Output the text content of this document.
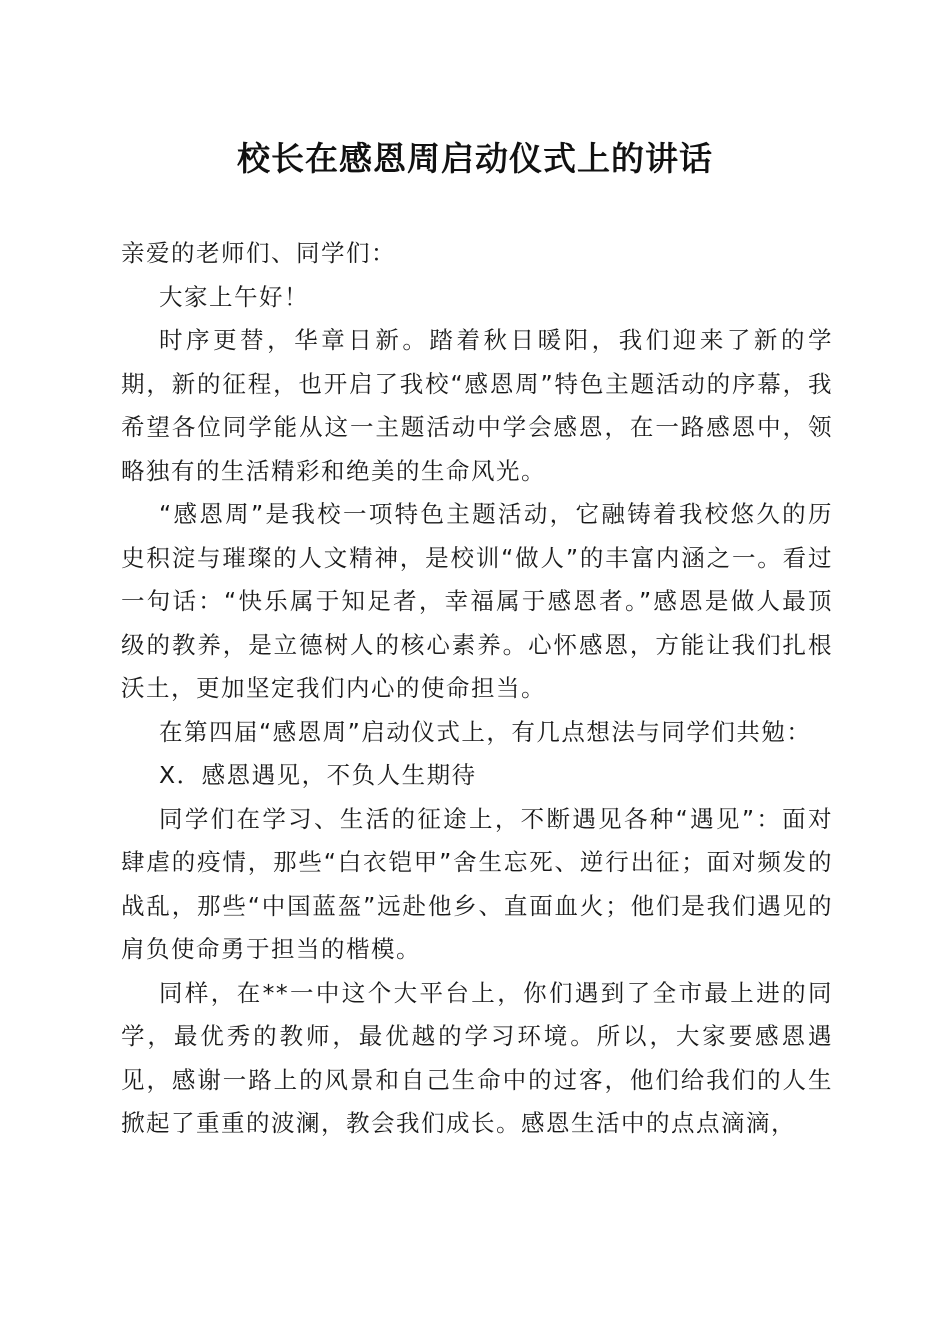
校长在感恩周启动仪式上的讲话

亲爱的老师们、同学们：

大家上午好！

时序更替，华章日新。踏着秋日暖阳，我们迎来了新的学期，新的征程，也开启了我校“感恩周”特色主题活动的序幕，我希望各位同学能从这一主题活动中学会感恩，在一路感恩中，领略独有的生活精彩和绝美的生命风光。

“感恩周”是我校一项特色主题活动，它融铸着我校悠久的历史积淀与璀璨的人文精神，是校训“做人”的丰富内涵之一。看过一句话：“快乐属于知足者，幸福属于感恩者。”感恩是做人最顶级的教养，是立德树人的核心素养。心怀感恩，方能让我们扎根沃土，更加坚定我们内心的使命担当。

在第四届“感恩周”启动仪式上，有几点想法与同学们共勉：

X．感恩遇见，不负人生期待

同学们在学习、生活的征途上，不断遇见各种“遇见”：面对肆虐的疫情，那些“白衣铠甲”舍生忘死、逆行出征；面对频发的战乱，那些“中国蓝盔”远赴他乡、直面血火；他们是我们遇见的肩负使命勇于担当的楷模。

同样，在**一中这个大平台上，你们遇到了全市最上进的同学，最优秀的教师，最优越的学习环境。所以，大家要感恩遇见，感谢一路上的风景和自己生命中的过客，他们给我们的人生掀起了重重的波澜，教会我们成长。感恩生活中的点点滴滴，
